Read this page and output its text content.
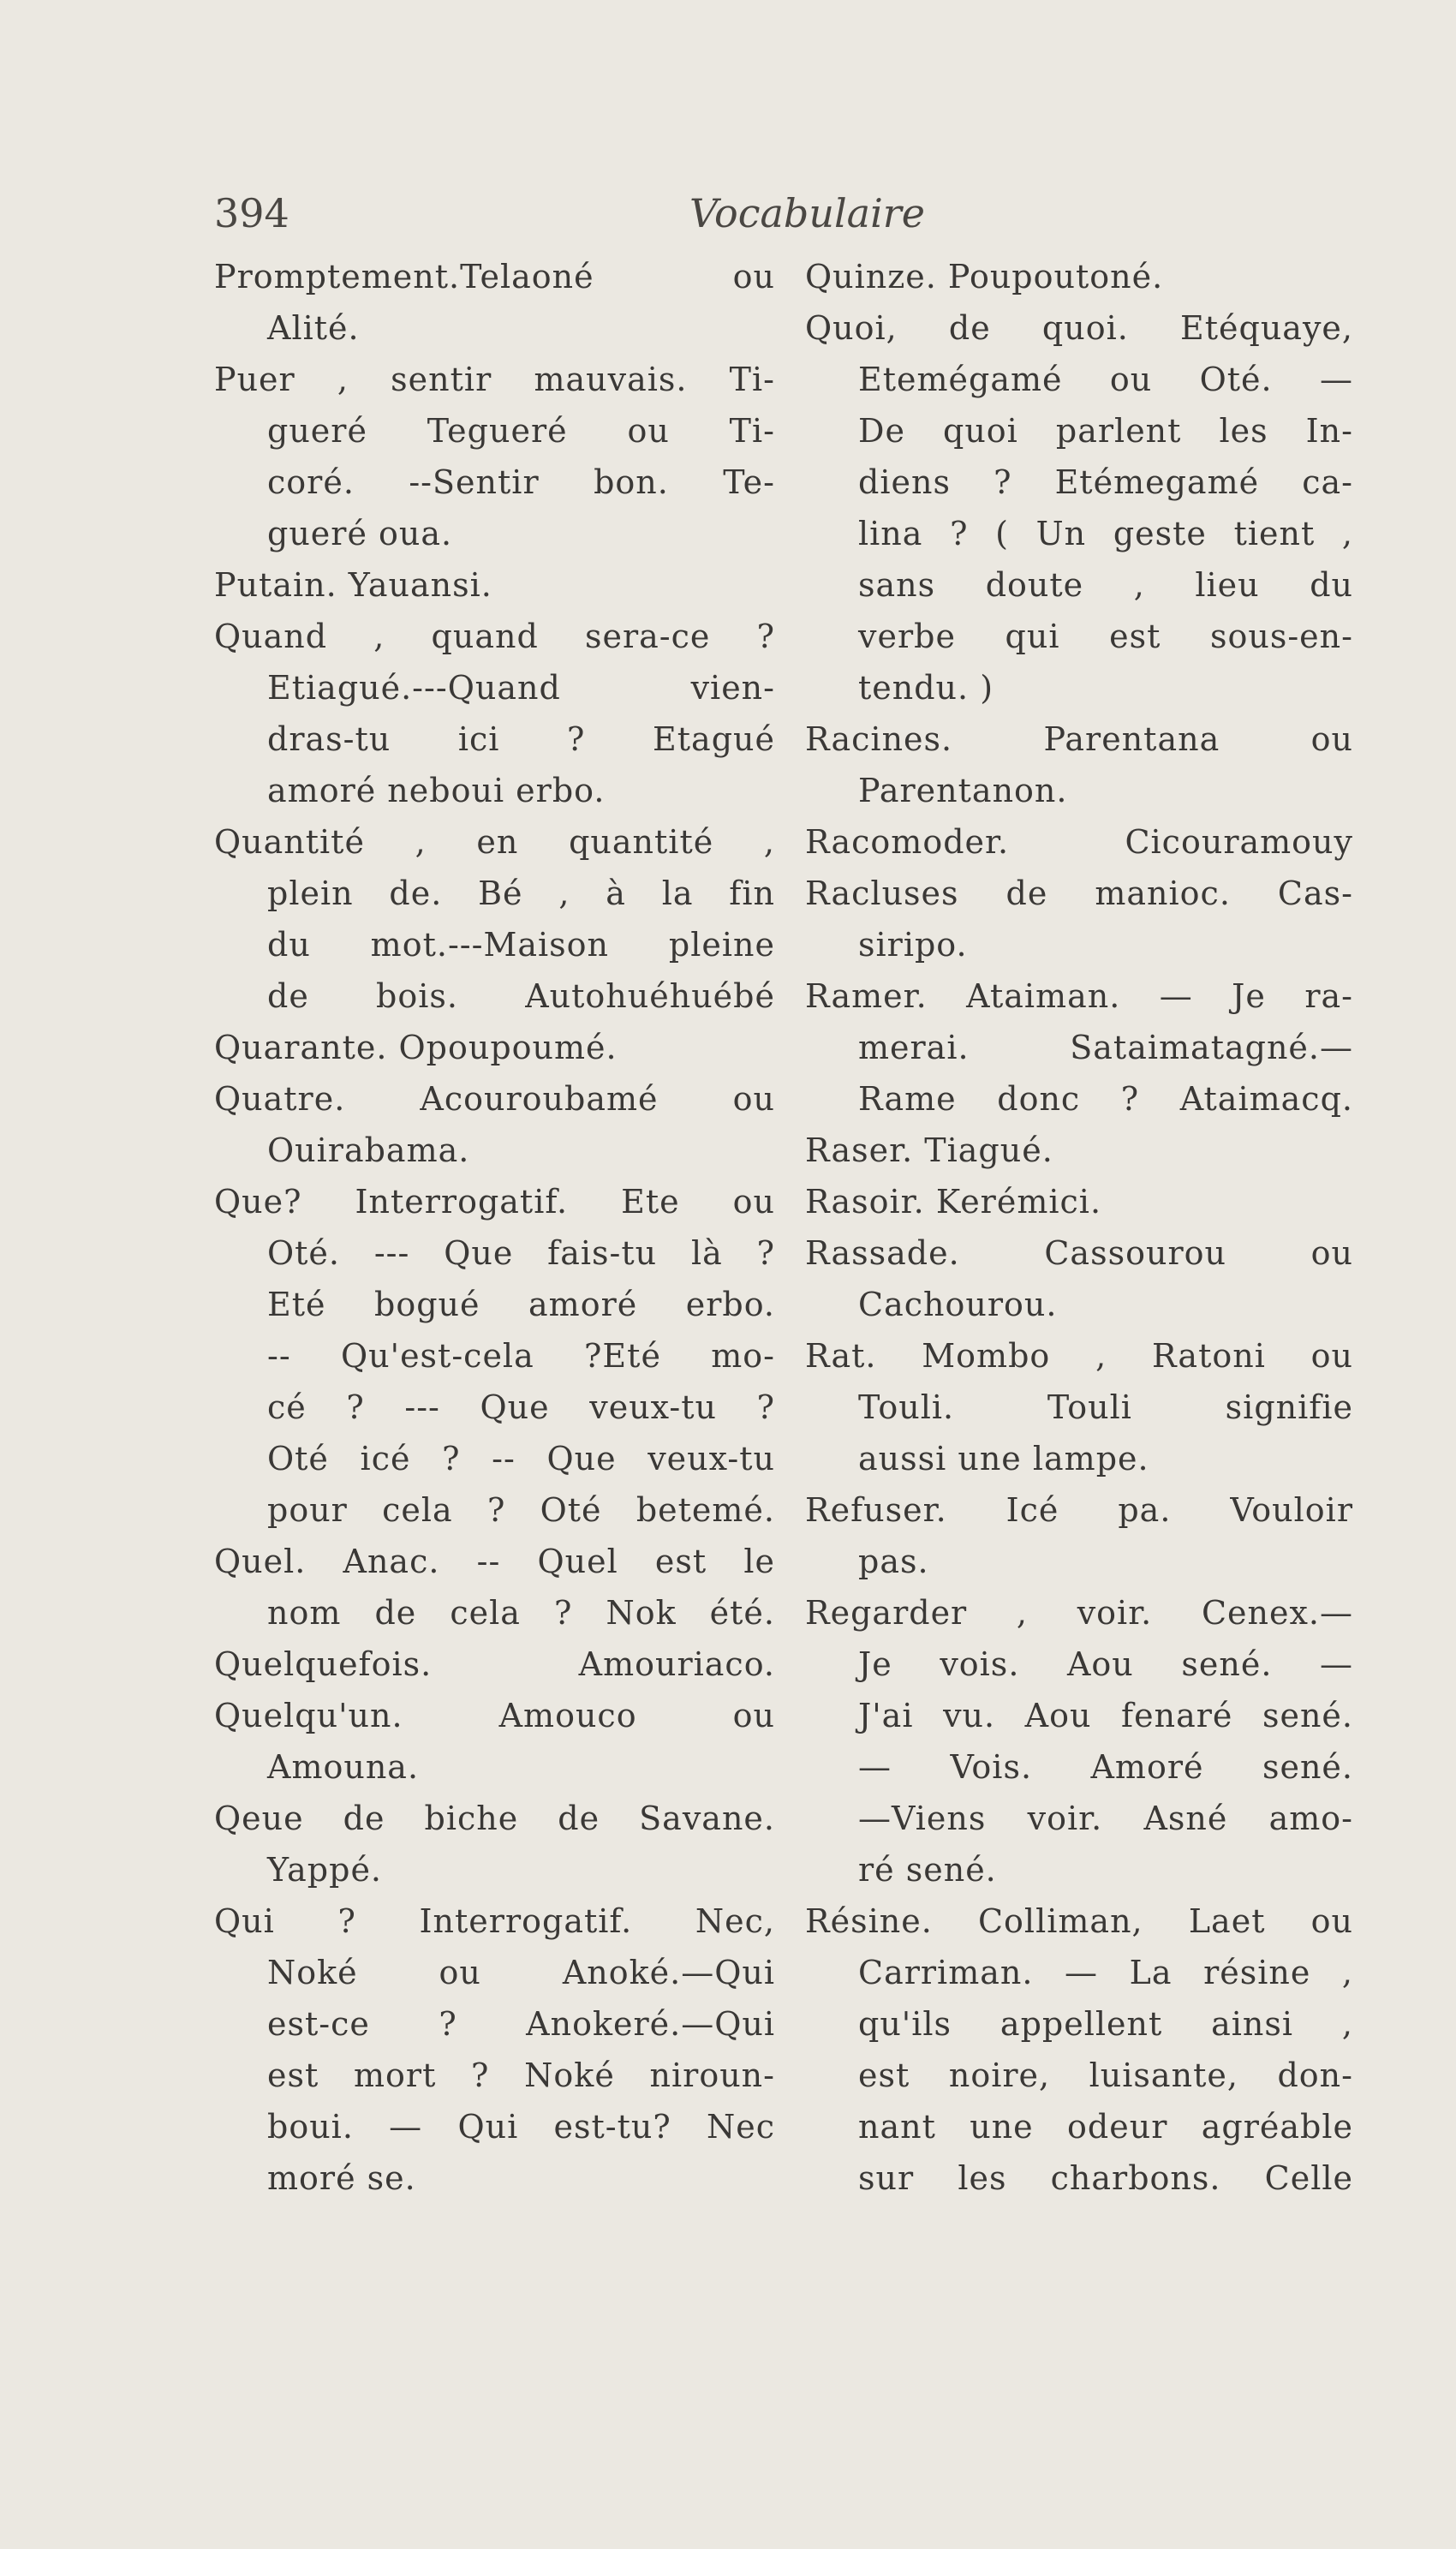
394	Vocabulaire
Promptement.Telaoné ou
Alité.
Puer , sentir mauvais. Ti-
gueré Tegueré ou Ti-
coré. --Sentir bon. Te-
gueré oua.
Putain. Yauansi.
Quand , quand sera-ce ?
Etiagué.---Quand vien-
dras-tu ici ? Etagué
amoré neboui erbo.
Quantité , en quantité ,
plein de. Bé , à la fin
du mot.---Maison pleine
de bois. Autohuéhuébé
Quarante. Opoupoumé.
Quatre. Acouroubamé ou
Ouirabama.
Que? Interrogatif. Ete ou
Oté. --- Que fais-tu là ?
Eté bogué amoré erbo.
-- Qu'est-cela ?Eté mo-
cé ? --- Que veux-tu ?
Oté icé ? -- Que veux-tu
pour cela ? Oté betemé.
Quel. Anac. -- Quel est le
nom de cela ? Nok été.
Quelquefois. Amouriaco.
Quelqu'un. Amouco ou
Amouna.
Qeue de biche de Savane.
Yappé.
Qui ? Interrogatif. Nec,
Noké ou Anoké.—Qui
est-ce ? Anokeré.—Qui
est mort ? Noké niroun-
boui. — Qui est-tu? Nec
moré se.
Quinze. Poupoutoné.
Quoi, de quoi. Etéquaye,
Etemégamé ou Oté. —
De quoi parlent les In-
diens ? Etémegamé ca-
lina ? ( Un geste tient ,
sans doute , lieu du
verbe qui est sous-en-
tendu. )
Racines. Parentana ou
Parentanon.
Racomoder. Cicouramouy
Racluses de manioc. Cas-
siripo.
Ramer. Ataiman. — Je ra-
merai. Sataimatagné.—
Rame donc ? Ataimacq.
Raser. Tiagué.
Rasoir. Kerémici.
Rassade. Cassourou ou
Cachourou.
Rat. Mombo , Ratoni ou
Touli. Touli signifie
aussi une lampe.
Refuser. Icé pa. Vouloir
pas.
Regarder , voir. Cenex.—
Je vois. Aou sené. —
J'ai vu. Aou fenaré sené.
— Vois. Amoré sené.
—Viens voir. Asné amo-
ré sené.
Résine. Colliman, Laet ou
Carriman. — La résine ,
qu'ils appellent ainsi ,
est noire, luisante, don-
nant une odeur agréable
sur les charbons. Celle
